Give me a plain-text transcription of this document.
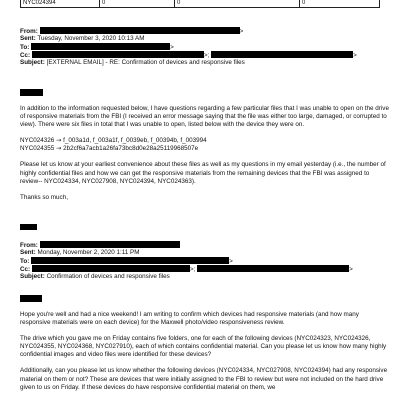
NYC024394	0	0	0
From:	>
Sent: Tuesday, November 3, 2020 10:13 AM
To:	>
Cc:	>;	>
Subject: [EXTERNAL EMAIL] - RE: Confirmation of devices and responsive files

In addition to the information requested below, I have questions regarding a few particular files that I was unable to open on the drive of responsive materials from the FBI (I received an error message saying that the file was either too large, damaged, or corrupted to view). There were six files in total that I was unable to open, listed below with the device they were on.

NYC024326 → f_003a1d, f_003a1f, f_0039eb, f_00394b, f_003994
NYC024355 → 2b2cf6a7acb1a26fa73bc8d0e28a25119968507e

Please let us know at your earliest convenience about these files as well as my questions in my email yesterday (i.e., the number of highly confidential files and how we can get the responsive materials from the remaining devices that the FBI was assigned to review-- NYC024334, NYC027908, NYC024394, NYC024363).

Thanks so much,
From:
Sent: Monday, November 2, 2020 1:11 PM
To:	>
Cc:	>;	>
Subject: Confirmation of devices and responsive files

Hope you're well and had a nice weekend! I am writing to confirm which devices had responsive materials (and how many responsive materials were on each device) for the Maxwell photo/video responsiveness review.

The drive which you gave me on Friday contains five folders, one for each of the following devices (NYC024323, NYC024326, NYC024355, NYC024368, NYC027910), each of which contains confidential material. Can you please let us know how many highly confidential images and video files were identified for these devices?

Additionally, can you please let us know whether the following devices (NYC024334, NYC027908, NYC024394) had any responsive material on them or not? These are devices that were initially assigned to the FBI to review but were not included on the hard drive given to us on Friday. If these devices do have responsive confidential material on them, we
